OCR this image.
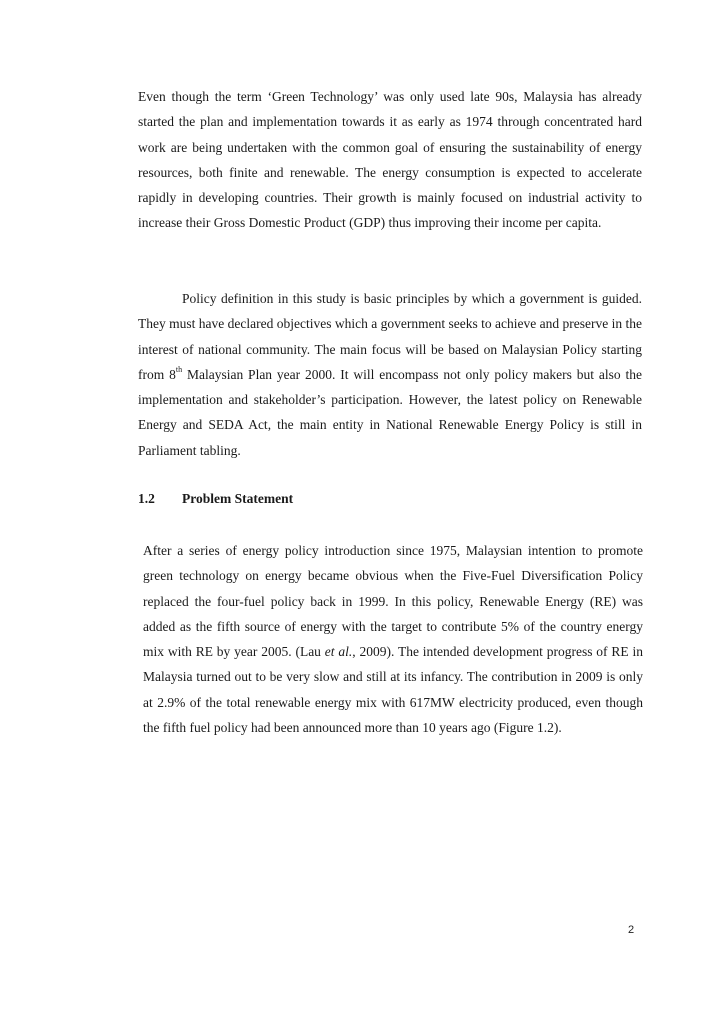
Even though the term ‘Green Technology’ was only used late 90s, Malaysia has already started the plan and implementation towards it as early as 1974 through concentrated hard work are being undertaken with the common goal of ensuring the sustainability of energy resources, both finite and renewable. The energy consumption is expected to accelerate rapidly in developing countries. Their growth is mainly focused on industrial activity to increase their Gross Domestic Product (GDP) thus improving their income per capita.

Policy definition in this study is basic principles by which a government is guided. They must have declared objectives which a government seeks to achieve and preserve in the interest of national community. The main focus will be based on Malaysian Policy starting from 8th Malaysian Plan year 2000. It will encompass not only policy makers but also the implementation and stakeholder’s participation. However, the latest policy on Renewable Energy and SEDA Act, the main entity in National Renewable Energy Policy is still in Parliament tabling.

1.2 Problem Statement

After a series of energy policy introduction since 1975, Malaysian intention to promote green technology on energy became obvious when the Five-Fuel Diversification Policy replaced the four-fuel policy back in 1999. In this policy, Renewable Energy (RE) was added as the fifth source of energy with the target to contribute 5% of the country energy mix with RE by year 2005. (Lau et al., 2009). The intended development progress of RE in Malaysia turned out to be very slow and still at its infancy. The contribution in 2009 is only at 2.9% of the total renewable energy mix with 617MW electricity produced, even though the fifth fuel policy had been announced more than 10 years ago (Figure 1.2).

2
